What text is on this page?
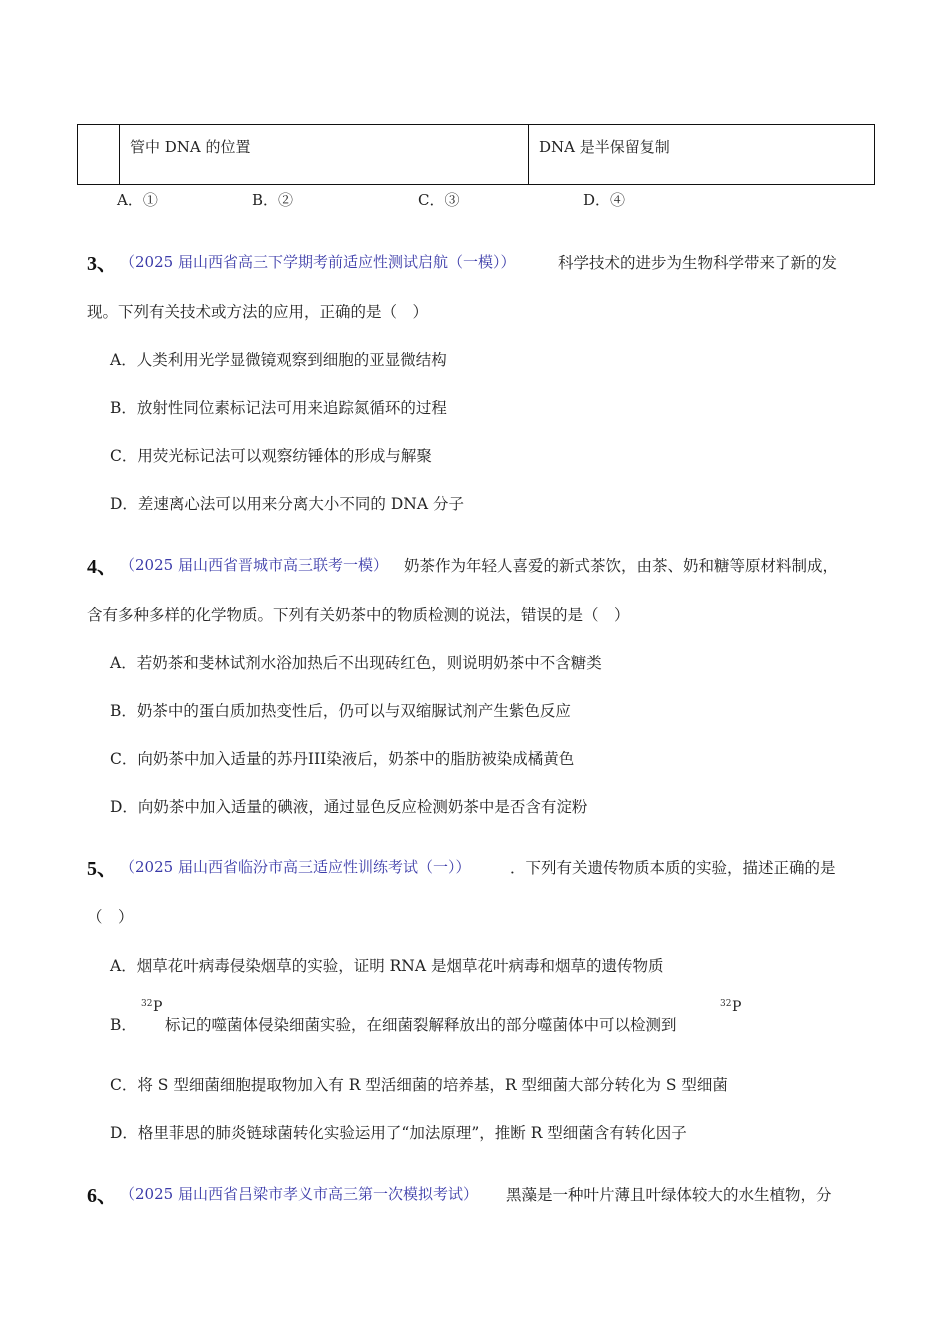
	管中 DNA 的位置	DNA 是半保留复制
A．①	B．②	C．③	D．④
3、 （2025 届山西省高三下学期考前适应性测试启航（一模））	科学技术的进步为生物科学带来了新的发
现。下列有关技术或方法的应用，正确的是（　）
A．人类利用光学显微镜观察到细胞的亚显微结构
B．放射性同位素标记法可用来追踪氮循环的过程
C．用荧光标记法可以观察纺锤体的形成与解聚
D．差速离心法可以用来分离大小不同的 DNA 分子
4、 （2025 届山西省晋城市高三联考一模） 奶茶作为年轻人喜爱的新式茶饮，由茶、奶和糖等原材料制成，
含有多种多样的化学物质。下列有关奶茶中的物质检测的说法，错误的是（　）
A．若奶茶和斐林试剂水浴加热后不出现砖红色，则说明奶茶中不含糖类
B．奶茶中的蛋白质加热变性后，仍可以与双缩脲试剂产生紫色反应
C．向奶茶中加入适量的苏丹III染液后，奶茶中的脂肪被染成橘黄色
D．向奶茶中加入适量的碘液，通过显色反应检测奶茶中是否含有淀粉
5、 （2025 届山西省临汾市高三适应性训练考试（一））	．下列有关遗传物质本质的实验，描述正确的是
（　）
A．烟草花叶病毒侵染烟草的实验，证明 RNA 是烟草花叶病毒和烟草的遗传物质
B．
32 P
标记的噬菌体侵染细菌实验，在细菌裂解释放出的部分噬菌体中可以检测到
32 P
C．将 S 型细菌细胞提取物加入有 R 型活细菌的培养基，R 型细菌大部分转化为 S 型细菌
D．格里菲思的肺炎链球菌转化实验运用了“加法原理”，推断 R 型细菌含有转化因子
6、 （2025 届山西省吕梁市孝义市高三第一次模拟考试） 黑藻是一种叶片薄且叶绿体较大的水生植物，分
